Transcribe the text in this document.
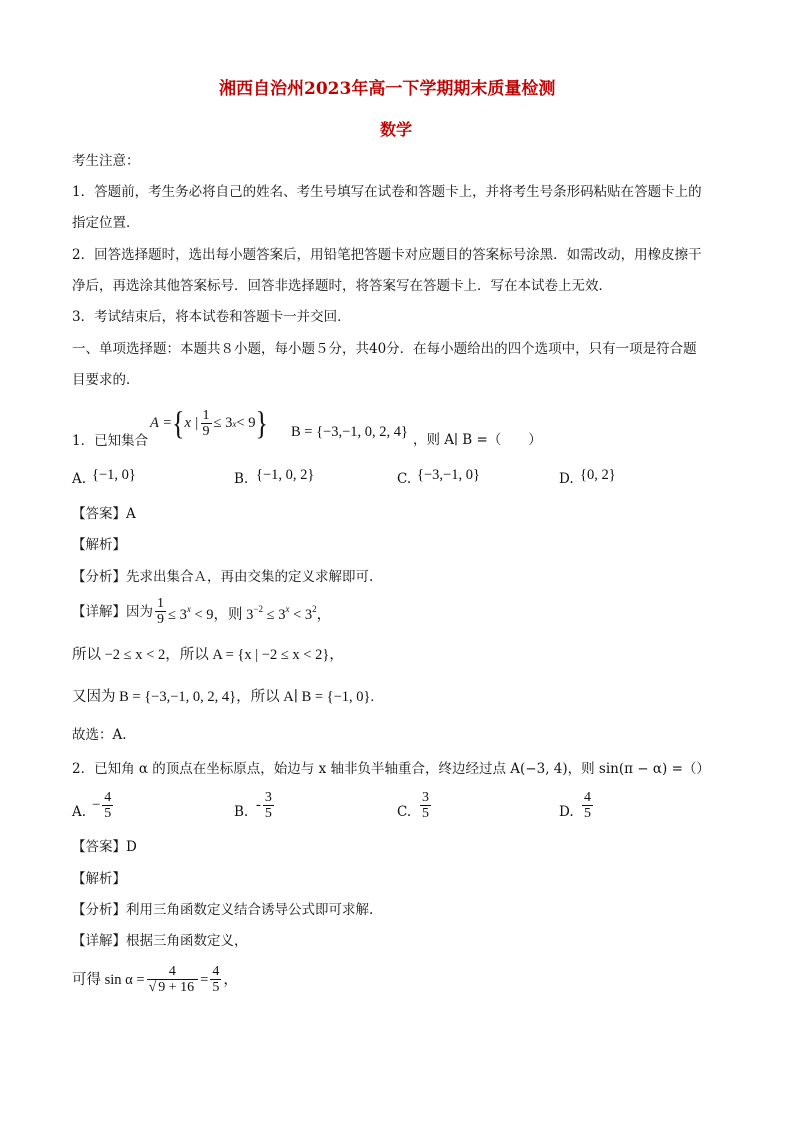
湘西自治州2023年高一下学期期末质量检测
数学
考生注意：
1．答题前，考生务必将自己的姓名、考生号填写在试卷和答题卡上，并将考生号条形码粘贴在答题卡上的
指定位置．
2．回答选择题时，选出每小题答案后，用铅笔把答题卡对应题目的答案标号涂黑．如需改动，用橡皮擦干
净后，再选涂其他答案标号．回答非选择题时，将答案写在答题卡上．写在本试卷上无效．
3．考试结束后，将本试卷和答题卡一并交回．
一、单项选择题：本题共８小题，每小题５分，共40分．在每小题给出的四个选项中，只有一项是符合题
目要求的．
1．已知集合
A = { x | $\frac{1}{9} \le 3$ x < 9 } B = {−3,−1, 0, 2, 4} ，则 A∣ B =（　　）
A. {−1, 0}	B. {−1, 0, 2}	C. {−3,−1, 0}	D. {0, 2}
【答案】A
【解析】
【分析】先求出集合Ａ，再由交集的定义求解即可.
【详解】 因为 $\frac{1}{9} \le 3^x < 9$，则 $3^{-2} \le 3^x < 3^2$，
所以 −2 ≤ x < 2，所以 A = {x | −2 ≤ x < 2}，
又因为 B = {−3,−1, 0, 2, 4}，所以 A∣ B = {−1, 0}.
故选：A.
2．已知角 α 的顶点在坐标原点，始边与 x 轴非负半轴重合，终边经过点 A(−3, 4)，则 sin(π − α) =（）
A. − $\frac{4}{5}$	B. - $\frac{3}{5}$	C. $\frac{3}{5}$	D. $\frac{4}{5}$
【答案】D
【解析】
【分析】利用三角函数定义结合诱导公式即可求解.
【详解】根据三角函数定义，
可得 $\sin \alpha = \frac{4}{√ 9 + 16} = \frac{4}{5}$ ，
